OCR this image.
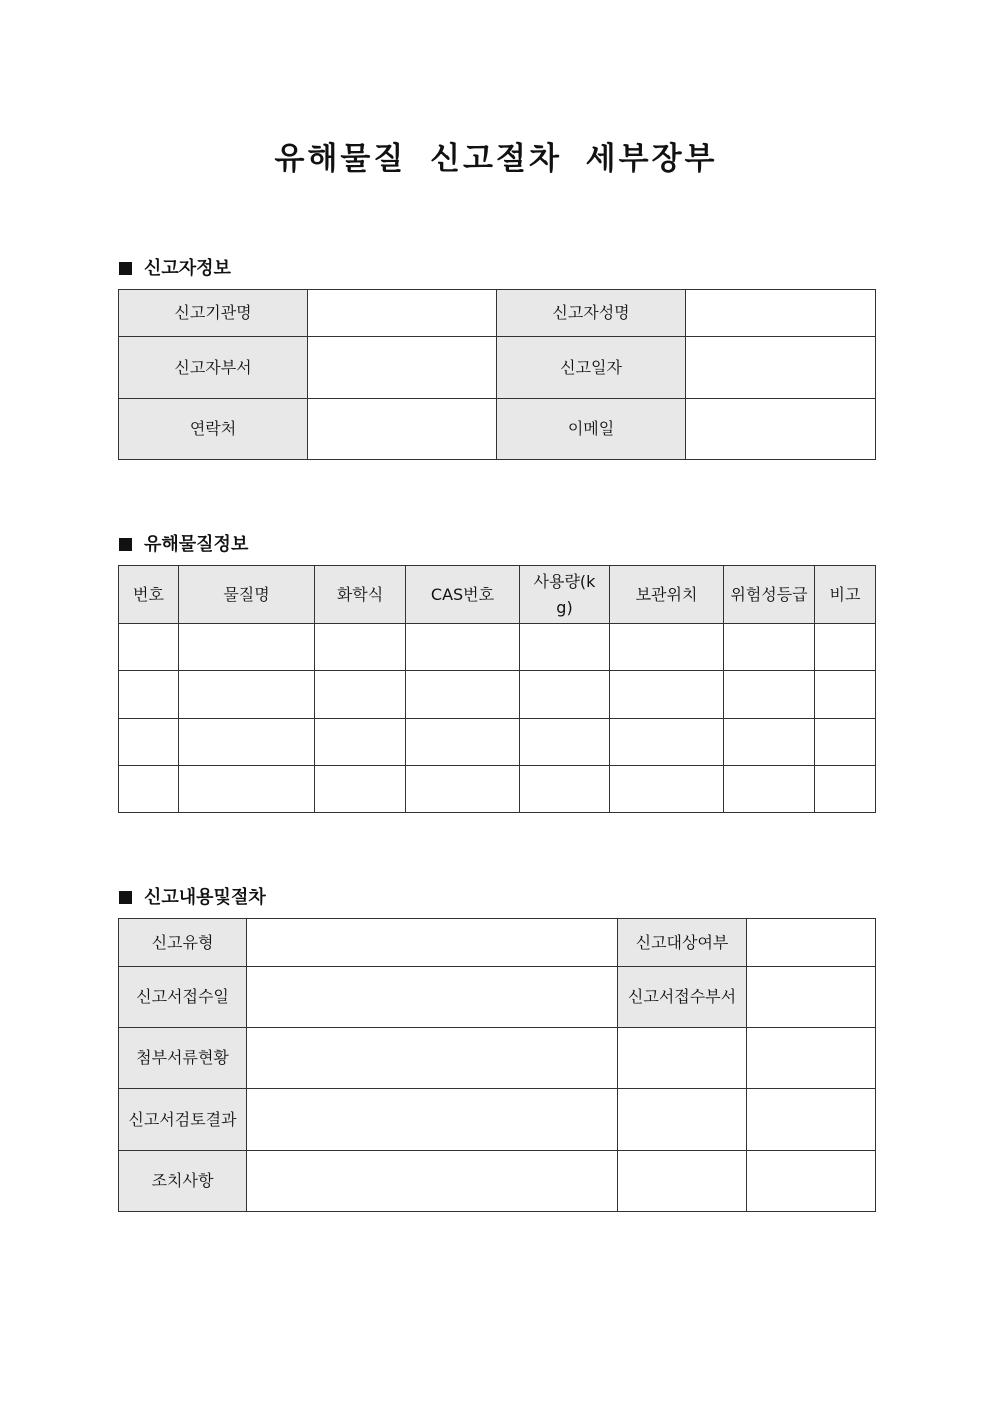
유해물질 신고절차 세부장부
신고자정보
신고기관명		신고자성명	
신고자부서		신고일자	
연락처		이메일	
유해물질정보
번호	물질명	화학식	CAS번호	사용량(kg)	보관위치	위험성등급	비고

신고내용및절차
신고유형		신고대상여부	
신고서접수일		신고서접수부서	
첨부서류현황			
신고서검토결과			
조치사항			
